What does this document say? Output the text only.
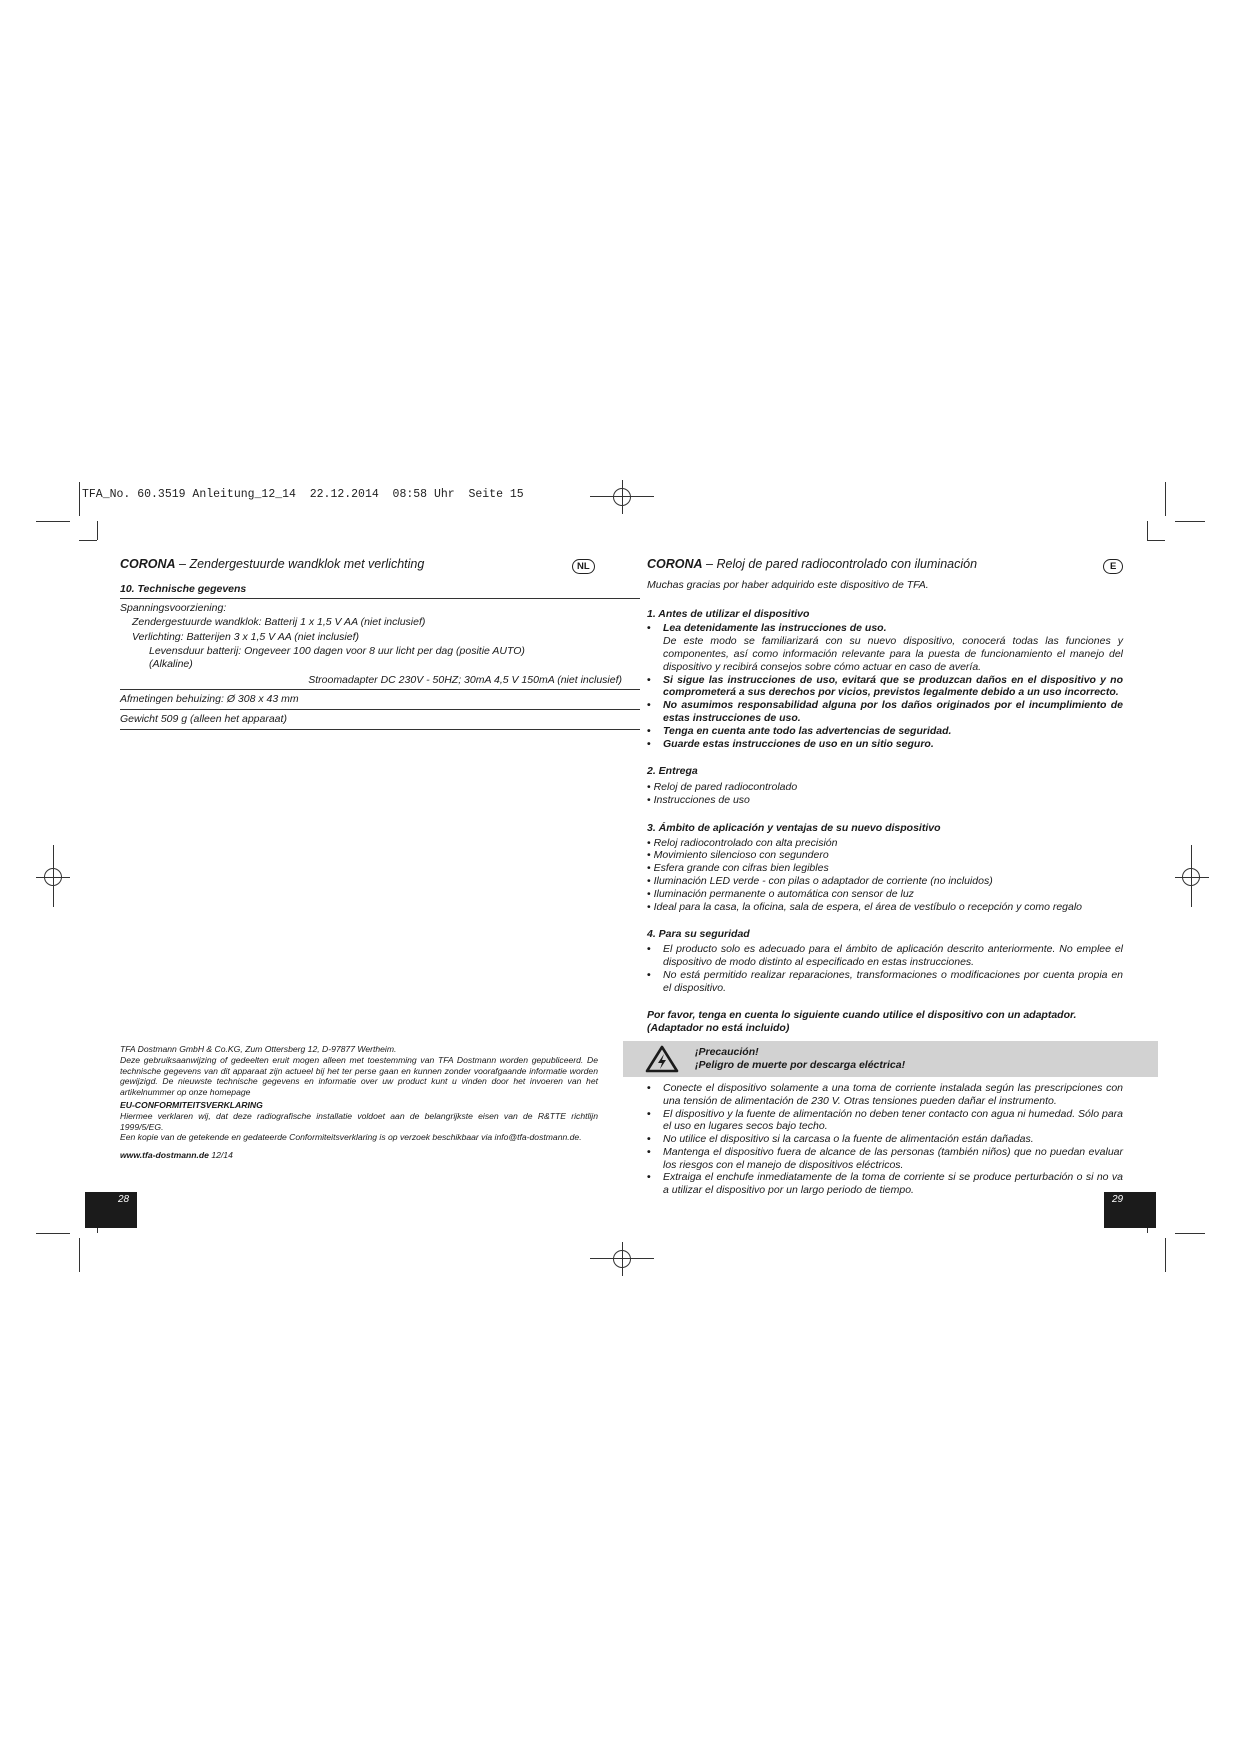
TFA_No. 60.3519 Anleitung_12_14  22.12.2014  08:58 Uhr  Seite 15
CORONA – Zendergestuurde wandklok met verlichting	NL
10. Technische gegevens
Spanningsvoorziening:
Zendergestuurde wandklok: Batterij 1 x 1,5 V AA (niet inclusief)
Verlichting: Batterijen 3 x 1,5 V AA (niet inclusief)
Levensduur batterij: Ongeveer 100 dagen voor 8 uur licht per dag (positie AUTO)
(Alkaline)
Stroomadapter DC 230V - 50HZ; 30mA 4,5 V 150mA (niet inclusief)
Afmetingen behuizing: Ø 308 x 43 mm
Gewicht 509 g (alleen het apparaat)

TFA Dostmann GmbH & Co.KG, Zum Ottersberg 12, D-97877 Wertheim.

Deze gebruiksaanwijzing of gedeelten eruit mogen alleen met toestemming van TFA Dostmann worden gepubliceerd. De technische gegevens van dit apparaat zijn actueel bij het ter perse gaan en kunnen zonder voorafgaande informatie worden gewijzigd. De nieuwste technische gegevens en informatie over uw product kunt u vinden door het invoeren van het artikelnummer op onze homepage

EU-CONFORMITEITSVERKLARING

Hiermee verklaren wij, dat deze radiografische installatie voldoet aan de belangrijkste eisen van de R&TTE richtlijn 1999/5/EG.

Een kopie van de getekende en gedateerde Conformiteitsverklaring is op verzoek beschikbaar via info@tfa-dostmann.de.

www.tfa-dostmann.de 12/14

28
CORONA – Reloj de pared radiocontrolado con iluminación	E

Muchas gracias por haber adquirido este dispositivo de TFA.

1. Antes de utilizar el dispositivo
• Lea detenidamente las instrucciones de uso.
De este modo se familiarizará con su nuevo dispositivo, conocerá todas las funciones y componentes, así como información relevante para la puesta de funcionamiento el manejo del dispositivo y recibirá consejos sobre cómo actuar en caso de avería.
• Si sigue las instrucciones de uso, evitará que se produzcan daños en el dispositivo y no comprometerá a sus derechos por vicios, previstos legalmente debido a un uso incorrecto.
• No asumimos responsabilidad alguna por los daños originados por el incumplimiento de estas instrucciones de uso.
• Tenga en cuenta ante todo las advertencias de seguridad.
• Guarde estas instrucciones de uso en un sitio seguro.
2. Entrega
• Reloj de pared radiocontrolado
• Instrucciones de uso
3. Ámbito de aplicación y ventajas de su nuevo dispositivo
• Reloj radiocontrolado con alta precisión
• Movimiento silencioso con segundero
• Esfera grande con cifras bien legibles
• Iluminación LED verde - con pilas o adaptador de corriente (no incluidos)
• Iluminación permanente o automática con sensor de luz
• Ideal para la casa, la oficina, sala de espera, el área de vestíbulo o recepción y como regalo
4. Para su seguridad
• El producto solo es adecuado para el ámbito de aplicación descrito anteriormente. No emplee el dispositivo de modo distinto al especificado en estas instrucciones.
• No está permitido realizar reparaciones, transformaciones o modificaciones por cuenta propia en el dispositivo.

Por favor, tenga en cuenta lo siguiente cuando utilice el dispositivo con un adaptador.

(Adaptador no está incluido)

¡Precaución!
¡Peligro de muerte por descarga eléctrica!
• Conecte el dispositivo solamente a una toma de corriente instalada según las prescripciones con una tensión de alimentación de 230 V. Otras tensiones pueden dañar el instrumento.
• El dispositivo y la fuente de alimentación no deben tener contacto con agua ni humedad. Sólo para el uso en lugares secos bajo techo.
• No utilice el dispositivo si la carcasa o la fuente de alimentación están dañadas.
• Mantenga el dispositivo fuera de alcance de las personas (también niños) que no puedan evaluar los riesgos con el manejo de dispositivos eléctricos.
• Extraiga el enchufe inmediatamente de la toma de corriente si se produce perturbación o si no va a utilizar el dispositivo por un largo periodo de tiempo.
29
